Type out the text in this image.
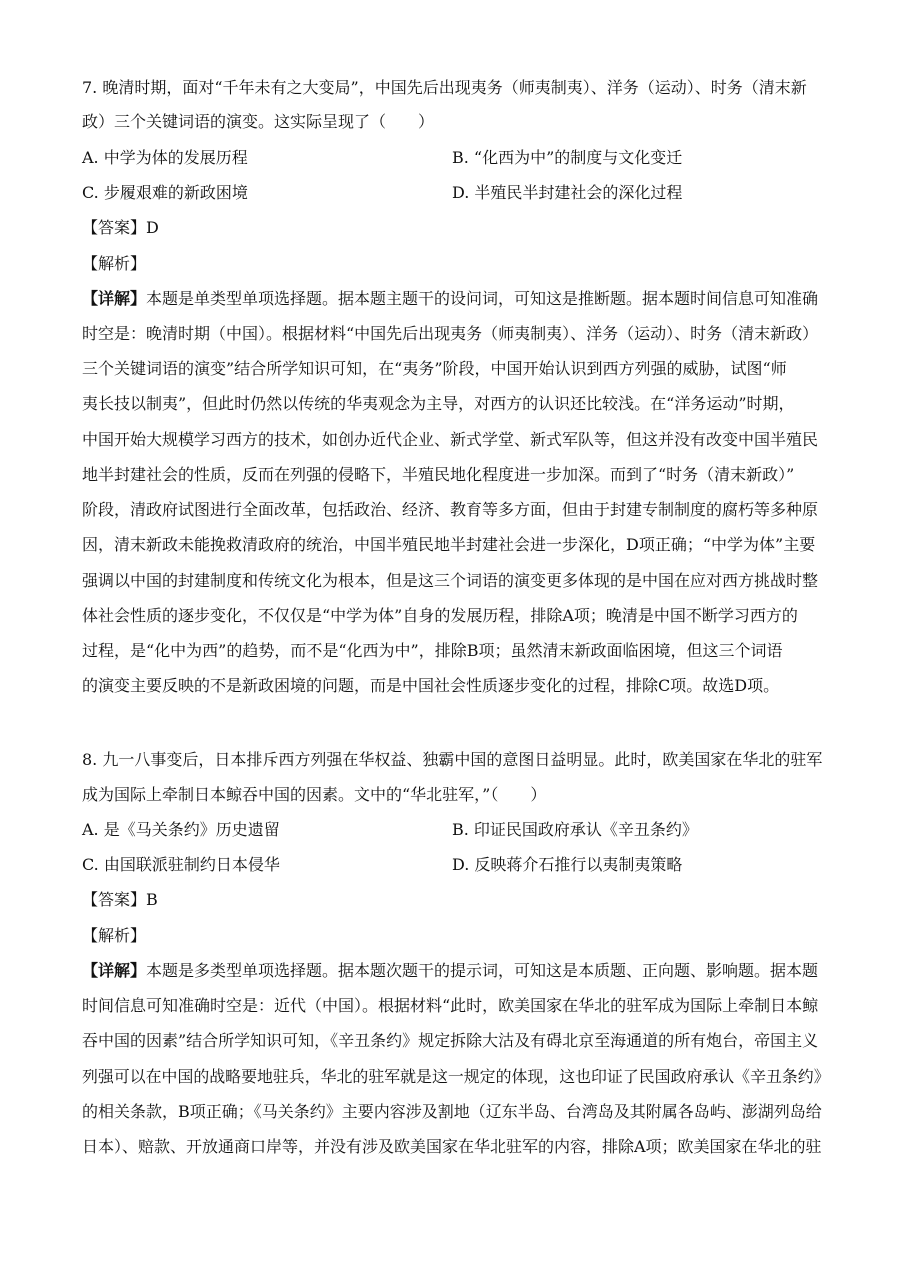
7. 晚清时期，面对“千年未有之大变局”，中国先后出现夷务（师夷制夷）、洋务（运动）、时务（清末新
政）三个关键词语的演变。这实际呈现了（　　）
A. 中学为体的发展历程	B. “化西为中”的制度与文化变迁
C. 步履艰难的新政困境	D. 半殖民半封建社会的深化过程
【答案】D
【解析】
【详解】本题是单类型单项选择题。据本题主题干的设问词，可知这是推断题。据本题时间信息可知准确
时空是：晚清时期（中国）。根据材料“中国先后出现夷务（师夷制夷）、洋务（运动）、时务（清末新政）
三个关键词语的演变”结合所学知识可知，在“夷务”阶段，中国开始认识到西方列强的威胁，试图“师
夷长技以制夷”，但此时仍然以传统的华夷观念为主导，对西方的认识还比较浅。在“洋务运动”时期，
中国开始大规模学习西方的技术，如创办近代企业、新式学堂、新式军队等，但这并没有改变中国半殖民
地半封建社会的性质，反而在列强的侵略下，半殖民地化程度进一步加深。而到了“时务（清末新政）”
阶段，清政府试图进行全面改革，包括政治、经济、教育等多方面，但由于封建专制制度的腐朽等多种原
因，清末新政未能挽救清政府的统治，中国半殖民地半封建社会进一步深化，D项正确；“中学为体”主要
强调以中国的封建制度和传统文化为根本，但是这三个词语的演变更多体现的是中国在应对西方挑战时整
体社会性质的逐步变化，不仅仅是“中学为体”自身的发展历程，排除A项；晚清是中国不断学习西方的
过程，是“化中为西”的趋势，而不是“化西为中”，排除B项；虽然清末新政面临困境，但这三个词语
的演变主要反映的不是新政困境的问题，而是中国社会性质逐步变化的过程，排除C项。故选D项。
8. 九一八事变后，日本排斥西方列强在华权益、独霸中国的意图日益明显。此时，欧美国家在华北的驻军
成为国际上牵制日本鲸吞中国的因素。文中的“华北驻军，”（　　）
A. 是《马关条约》历史遗留	B. 印证民国政府承认《辛丑条约》
C. 由国联派驻制约日本侵华	D. 反映蒋介石推行以夷制夷策略
【答案】B
【解析】
【详解】本题是多类型单项选择题。据本题次题干的提示词，可知这是本质题、正向题、影响题。据本题
时间信息可知准确时空是：近代（中国）。根据材料“此时，欧美国家在华北的驻军成为国际上牵制日本鲸
吞中国的因素”结合所学知识可知，《辛丑条约》规定拆除大沽及有碍北京至海通道的所有炮台，帝国主义
列强可以在中国的战略要地驻兵，华北的驻军就是这一规定的体现，这也印证了民国政府承认《辛丑条约》
的相关条款，B项正确；《马关条约》主要内容涉及割地（辽东半岛、台湾岛及其附属各岛屿、澎湖列岛给
日本）、赔款、开放通商口岸等，并没有涉及欧美国家在华北驻军的内容，排除A项；欧美国家在华北的驻
